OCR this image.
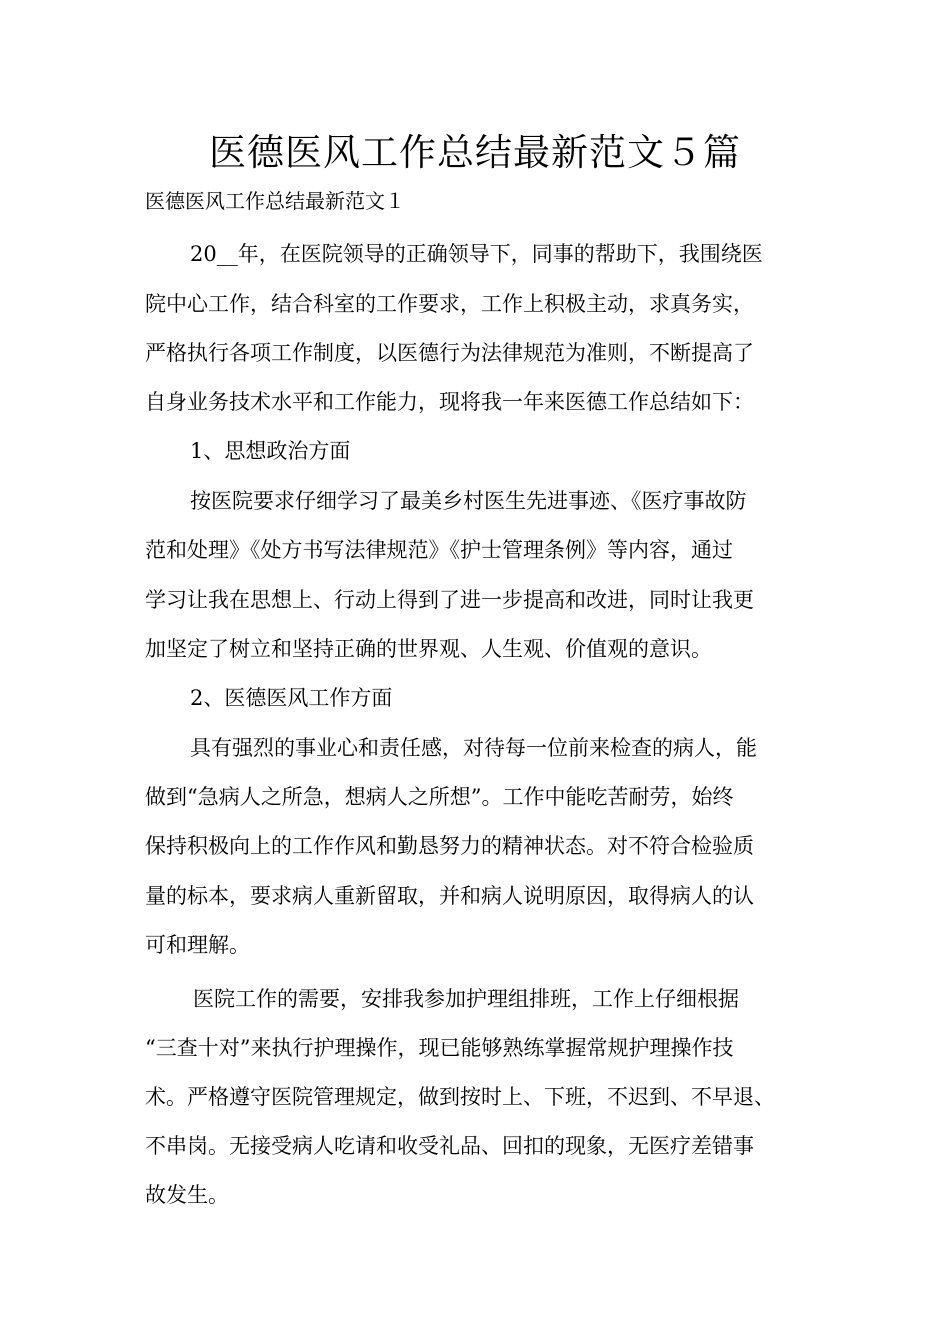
医德医风工作总结最新范文５篇

医德医风工作总结最新范文１

20__年，在医院领导的正确领导下，同事的帮助下，我围绕医

院中心工作，结合科室的工作要求，工作上积极主动，求真务实，

严格执行各项工作制度，以医德行为法律规范为准则，不断提高了

自身业务技术水平和工作能力，现将我一年来医德工作总结如下：

1、思想政治方面

按医院要求仔细学习了最美乡村医生先进事迹、《医疗事故防

范和处理》《处方书写法律规范》《护士管理条例》等内容，通过

学习让我在思想上、行动上得到了进一步提高和改进，同时让我更

加坚定了树立和坚持正确的世界观、人生观、价值观的意识。

2、医德医风工作方面

具有强烈的事业心和责任感，对待每一位前来检查的病人，能

做到“急病人之所急，想病人之所想”。工作中能吃苦耐劳，始终

保持积极向上的工作作风和勤恳努力的精神状态。对不符合检验质

量的标本，要求病人重新留取，并和病人说明原因，取得病人的认

可和理解。

医院工作的需要，安排我参加护理组排班，工作上仔细根据

“三查十对”来执行护理操作，现已能够熟练掌握常规护理操作技

术。严格遵守医院管理规定，做到按时上、下班，不迟到、不早退、

不串岗。无接受病人吃请和收受礼品、回扣的现象，无医疗差错事

故发生。
